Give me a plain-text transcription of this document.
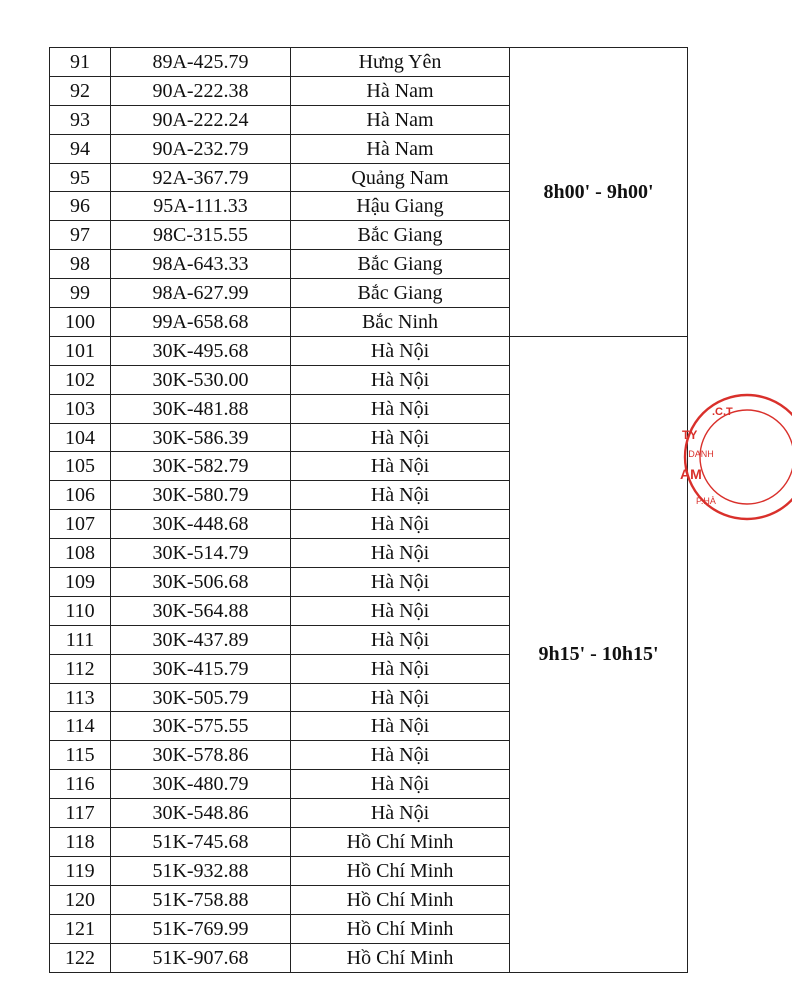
91	89A-425.79	Hưng Yên	8h00' - 9h00'
92	90A-222.38	Hà Nam	
93	90A-222.24	Hà Nam	
94	90A-232.79	Hà Nam	
95	92A-367.79	Quảng Nam	
96	95A-111.33	Hậu Giang	
97	98C-315.55	Bắc Giang	
98	98A-643.33	Bắc Giang	
99	98A-627.99	Bắc Giang	
100	99A-658.68	Bắc Ninh	
101	30K-495.68	Hà Nội	9h15' - 10h15'
102	30K-530.00	Hà Nội	
103	30K-481.88	Hà Nội	
104	30K-586.39	Hà Nội	
105	30K-582.79	Hà Nội	
106	30K-580.79	Hà Nội	
107	30K-448.68	Hà Nội	
108	30K-514.79	Hà Nội	
109	30K-506.68	Hà Nội	
110	30K-564.88	Hà Nội	
111	30K-437.89	Hà Nội	
112	30K-415.79	Hà Nội	
113	30K-505.79	Hà Nội	
114	30K-575.55	Hà Nội	
115	30K-578.86	Hà Nội	
116	30K-480.79	Hà Nội	
117	30K-548.86	Hà Nội	
118	51K-745.68	Hồ Chí Minh	
119	51K-932.88	Hồ Chí Minh	
120	51K-758.88	Hồ Chí Minh	
121	51K-769.99	Hồ Chí Minh	
122	51K-907.68	Hồ Chí Minh	
.C.T
TY
' DANH
AM
P.HÀ
